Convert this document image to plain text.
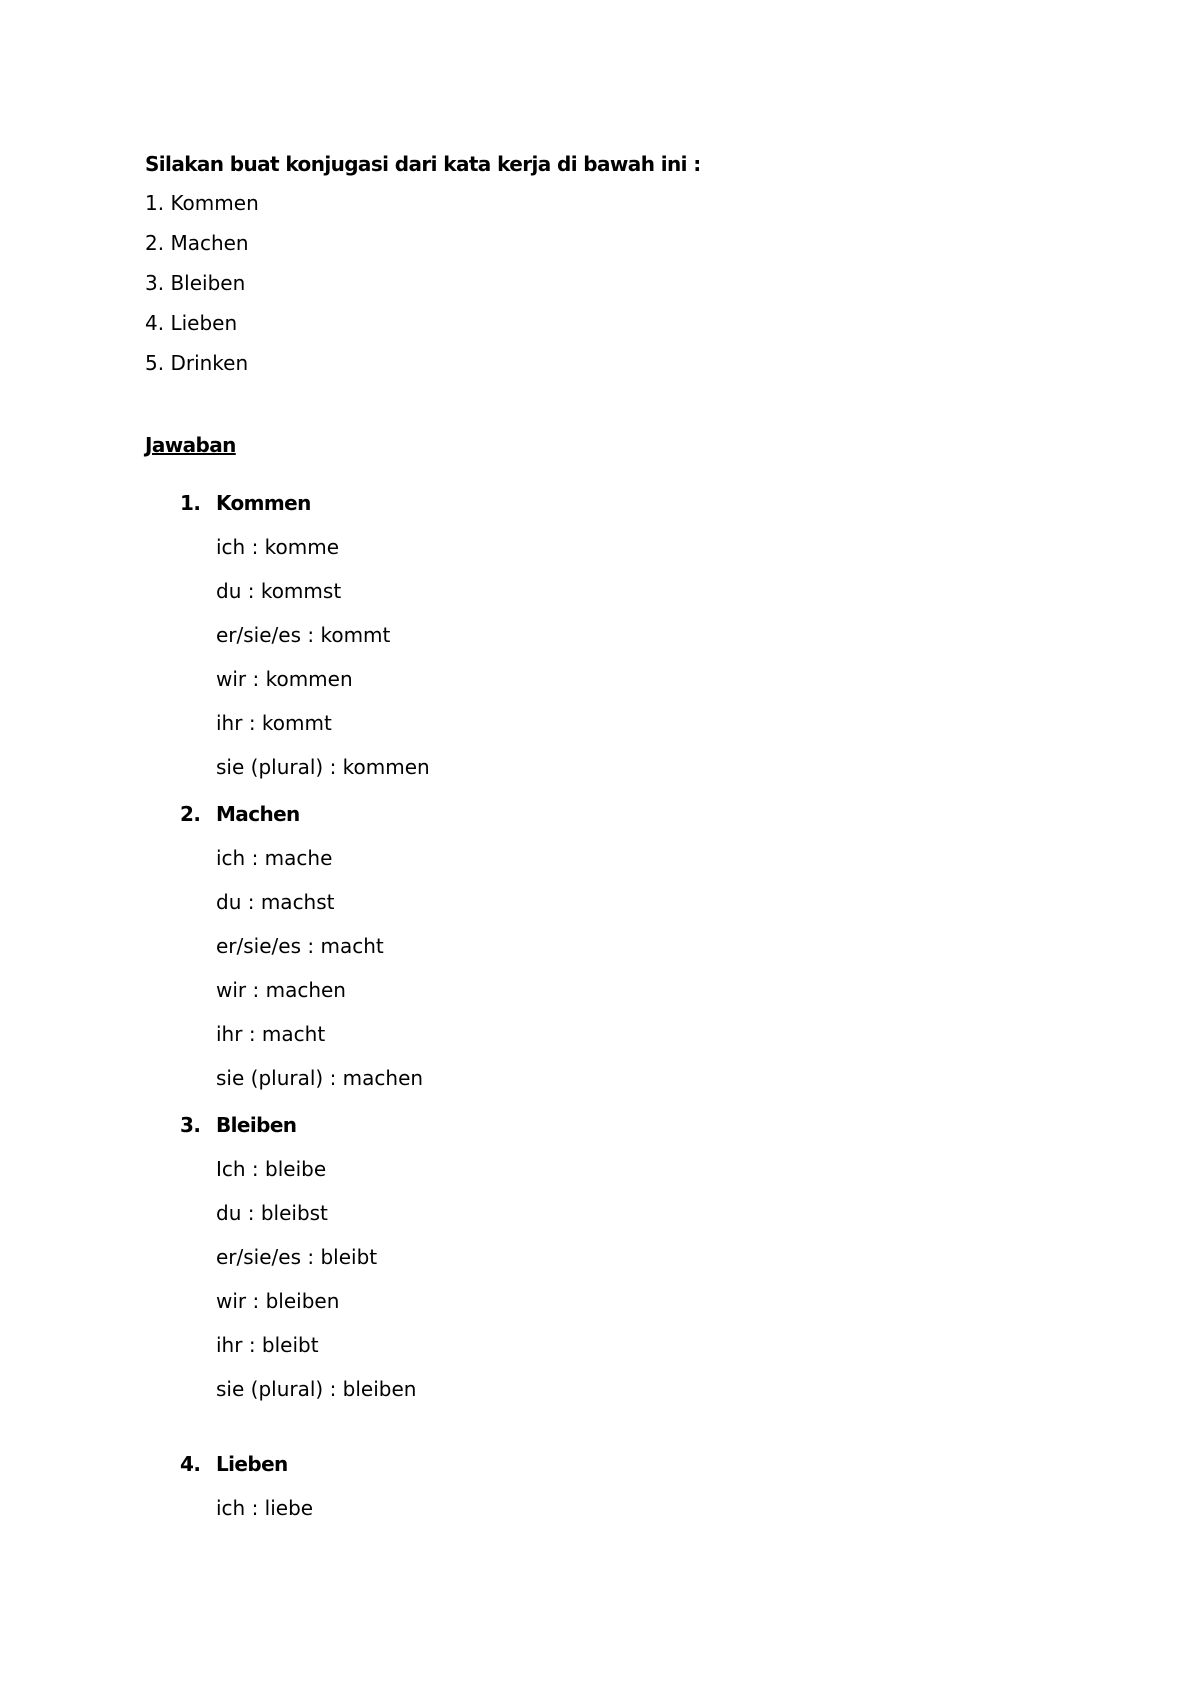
Silakan buat konjugasi dari kata kerja di bawah ini :
1. Kommen
2. Machen
3. Bleiben
4. Lieben
5. Drinken
Jawaban
1. Kommen
ich : komme
du : kommst
er/sie/es : kommt
wir : kommen
ihr : kommt
sie (plural) : kommen
2. Machen
ich : mache
du : machst
er/sie/es : macht
wir : machen
ihr : macht
sie (plural) : machen
3. Bleiben
Ich : bleibe
du : bleibst
er/sie/es : bleibt
wir : bleiben
ihr : bleibt
sie (plural) : bleiben
4. Lieben
ich : liebe
